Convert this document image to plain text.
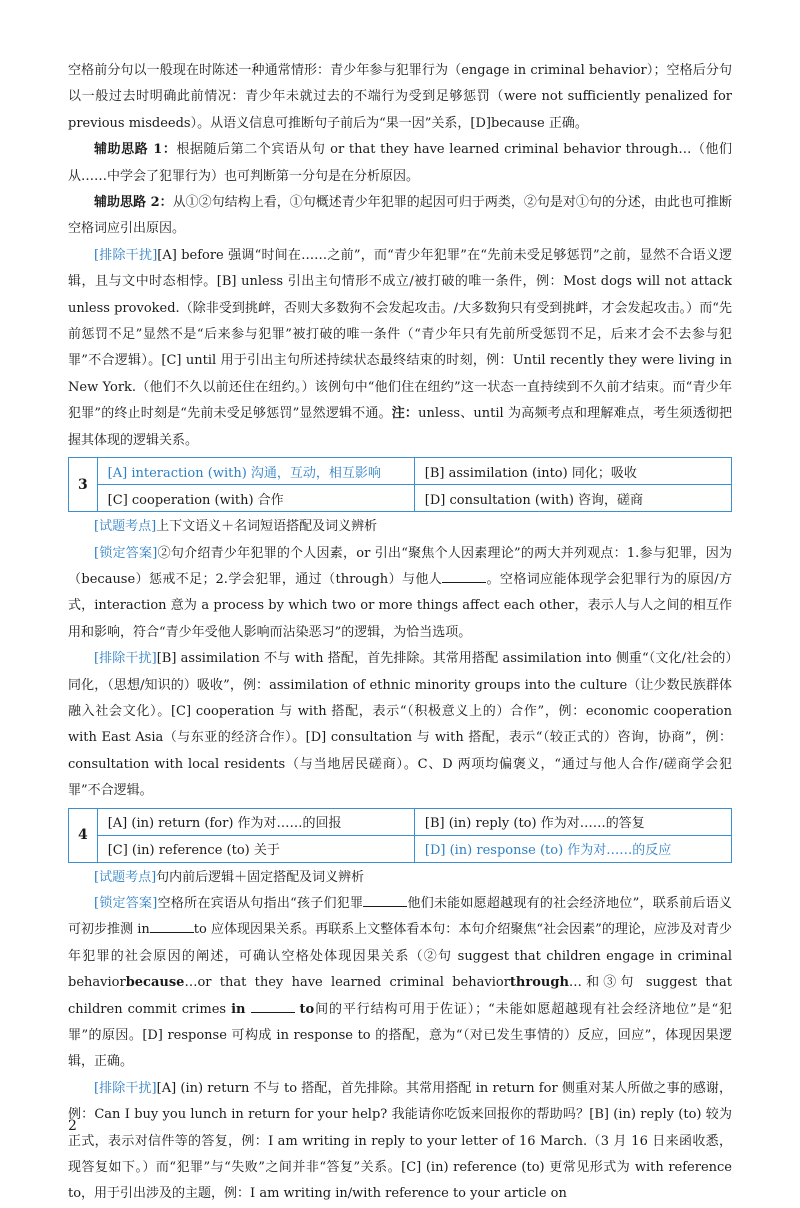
空格前分句以一般现在时陈述一种通常情形：青少年参与犯罪行为（engage in criminal behavior）；空格后分句以一般过去时明确此前情况：青少年未就过去的不端行为受到足够惩罚（were not sufficiently penalized for previous misdeeds）。从语义信息可推断句子前后为“果一因”关系，[D]because 正确。

辅助思路 1：根据随后第二个宾语从句 or that they have learned criminal behavior through…（他们从……中学会了犯罪行为）也可判断第一分句是在分析原因。

辅助思路 2：从①②句结构上看，①句概述青少年犯罪的起因可归于两类，②句是对①句的分述，由此也可推断空格词应引出原因。

[排除干扰][A] before 强调“时间在……之前”，而“青少年犯罪”在“先前未受足够惩罚”之前，显然不合语义逻辑，且与文中时态相悖。[B] unless 引出主句情形不成立/被打破的唯一条件，例：Most dogs will not attack unless provoked.（除非受到挑衅，否则大多数狗不会发起攻击。/大多数狗只有受到挑衅，才会发起攻击。）而“先前惩罚不足”显然不是“后来参与犯罪”被打破的唯一条件（“青少年只有先前所受惩罚不足，后来才会不去参与犯罪”不合逻辑）。[C] until 用于引出主句所述持续状态最终结束的时刻，例：Until recently they were living in New York.（他们不久以前还住在纽约。）该例句中“他们住在纽约”这一状态一直持续到不久前才结束。而“青少年犯罪”的终止时刻是“先前未受足够惩罚”显然逻辑不通。注：unless、until 为高频考点和理解难点，考生须透彻把握其体现的逻辑关系。

3	[A] interaction (with) 沟通，互动，相互影响	[B] assimilation (into) 同化；吸收
	[C] cooperation (with) 合作	[D] consultation (with) 咨询，磋商

[试题考点]上下文语义＋名词短语搭配及词义辨析

[锁定答案]②句介绍青少年犯罪的个人因素，or 引出“聚焦个人因素理论”的两大并列观点：1.参与犯罪，因为（because）惩戒不足；2.学会犯罪，通过（through）与他人	。空格词应能体现学会犯罪行为的原因/方式，interaction 意为 a process by which two or more things affect each other，表示人与人之间的相互作用和影响，符合“青少年受他人影响而沾染恶习”的逻辑，为恰当选项。

[排除干扰][B] assimilation 不与 with 搭配，首先排除。其常用搭配 assimilation into 侧重“（文化/社会的）同化，（思想/知识的）吸收”，例：assimilation of ethnic minority groups into the culture（让少数民族群体融入社会文化）。[C] cooperation 与 with 搭配，表示“（积极意义上的）合作”，例：economic cooperation with East Asia（与东亚的经济合作）。[D] consultation 与 with 搭配，表示“（较正式的）咨询，协商”，例：consultation with local residents（与当地居民磋商）。C、D 两项均偏褒义，“通过与他人合作/磋商学会犯罪”不合逻辑。

4	[A] (in) return (for) 作为对……的回报	[B] (in) reply (to) 作为对……的答复
	[C] (in) reference (to) 关于	[D] (in) response (to) 作为对……的反应

[试题考点]句内前后逻辑＋固定搭配及词义辨析

[锁定答案]空格所在宾语从句指出“孩子们犯罪	他们未能如愿超越现有的社会经济地位”，联系前后语义可初步推测 in	to 应体现因果关系。再联系上文整体看本句：本句介绍聚焦“社会因素”的理论，应涉及对青少年犯罪的社会原因的阐述，可确认空格处体现因果关系（②句 suggest that children engage in criminal behaviorbecause…or that they have learned criminal behaviorthrough…和③句 suggest that children commit crimes in	to间的平行结构可用于佐证）；“未能如愿超越现有社会经济地位”是“犯罪”的原因。[D] response 可构成 in response to 的搭配，意为“（对已发生事情的）反应，回应”，体现因果逻辑，正确。

[排除干扰][A] (in) return 不与 to 搭配，首先排除。其常用搭配 in return for 侧重对某人所做之事的感谢，例：Can I buy you lunch in return for your help? 我能请你吃饭来回报你的帮助吗？[B] (in) reply (to) 较为正式，表示对信件等的答复，例：I am writing in reply to your letter of 16 March.（3 月 16 日来函收悉，现答复如下。）而“犯罪”与“失败”之间并非“答复”关系。[C] (in) reference (to) 更常见形式为 with reference to，用于引出涉及的主题，例：I am writing in/with reference to your article on

2
